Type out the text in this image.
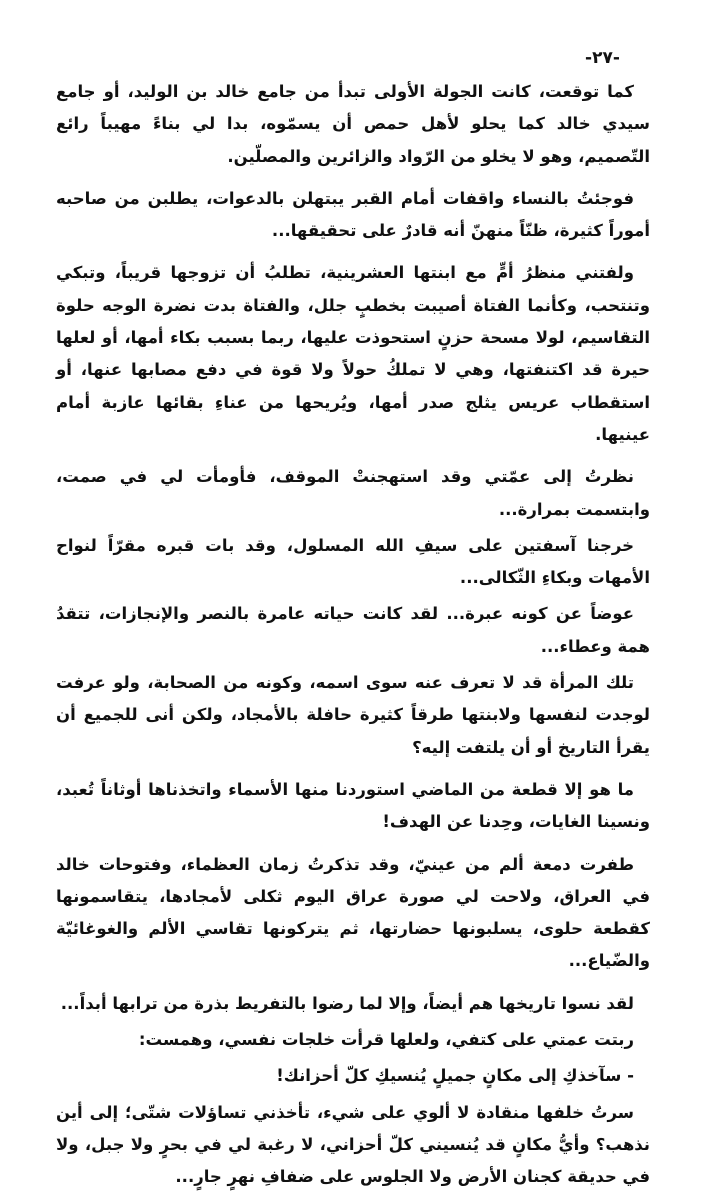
-٢٧-

كما توقعت، كانت الجولة الأولى تبدأ من جامع خالد بن الوليد، أو جامع سيدي خالد كما يحلو لأهل حمص أن يسمّوه، بدا لي بناءً مهيباً رائع التّصميم، وهو لا يخلو من الرّواد والزائرين والمصلّين.

فوجئتُ بالنساء واقفات أمام القبر يبتهلن بالدعوات، يطلبن من صاحبه أموراً كثيرة، ظنّاً منهنّ أنه قادرٌ على تحقيقها...

ولفتني منظرُ أمٍّ مع ابنتها العشرينية، تطلبُ أن تزوجها قريباً، وتبكي وتنتحب، وكأنما الفتاة أصيبت بخطبٍ جلل، والفتاة بدت نضرة الوجه حلوة التقاسيم، لولا مسحة حزنٍ استحوذت عليها، ربما بسبب بكاء أمها، أو لعلها حيرة قد اكتنفتها، وهي لا تملكُ حولاً ولا قوة في دفع مصابها عنها، أو استقطاب عريس يثلج صدر أمها، ويُريحها من عناءِ بقائها عازبة أمام عينيها.

نظرتُ إلى عمّتي وقد استهجنتْ الموقف، فأومأت لي في صمت، وابتسمت بمرارة...

خرجنا آسفتين على سيفِ الله المسلول، وقد بات قبره مقرّاً لنواح الأمهات وبكاءِ الثّكالى...

عوضاً عن كونه عبرة... لقد كانت حياته عامرة بالنصر والإنجازات، تتقدُ همة وعطاء...

تلك المرأة قد لا تعرف عنه سوى اسمه، وكونه من الصحابة، ولو عرفت لوجدت لنفسها ولابنتها طرقاً كثيرة حافلة بالأمجاد، ولكن أنى للجميع أن يقرأ التاريخ أو أن يلتفت إليه؟

ما هو إلا قطعة من الماضي استوردنا منها الأسماء واتخذناها أوثاناً تُعبد، ونسينا الغايات، وحِدنا عن الهدف!

طفرت دمعة ألم من عينيّ، وقد تذكرتُ زمان العظماء، وفتوحات خالد في العراق، ولاحت لي صورة عراق اليوم ثكلى لأمجادها، يتقاسمونها كقطعة حلوى، يسلبونها حضارتها، ثم يتركونها تقاسي الألم والغوغائيّة والضّياع...

لقد نسوا تاريخها هم أيضاً، وإلا لما رضوا بالتفريط بذرة من ترابها أبداً...

ربتت عمتي على كتفي، ولعلها قرأت خلجات نفسي، وهمست:

- سآخذكِ إلى مكانٍ جميلٍ يُنسيكِ كلّ أحزانك!

سرتُ خلفها منقادة لا ألوي على شيء، تأخذني تساؤلات شتّى؛ إلى أين نذهب؟ وأيُّ مكانٍ قد يُنسيني كلّ أحزاني، لا رغبة لي في بحرٍ ولا جبل، ولا في حديقة كجنان الأرض ولا الجلوس على ضفافِ نهرٍ جارٍ...
